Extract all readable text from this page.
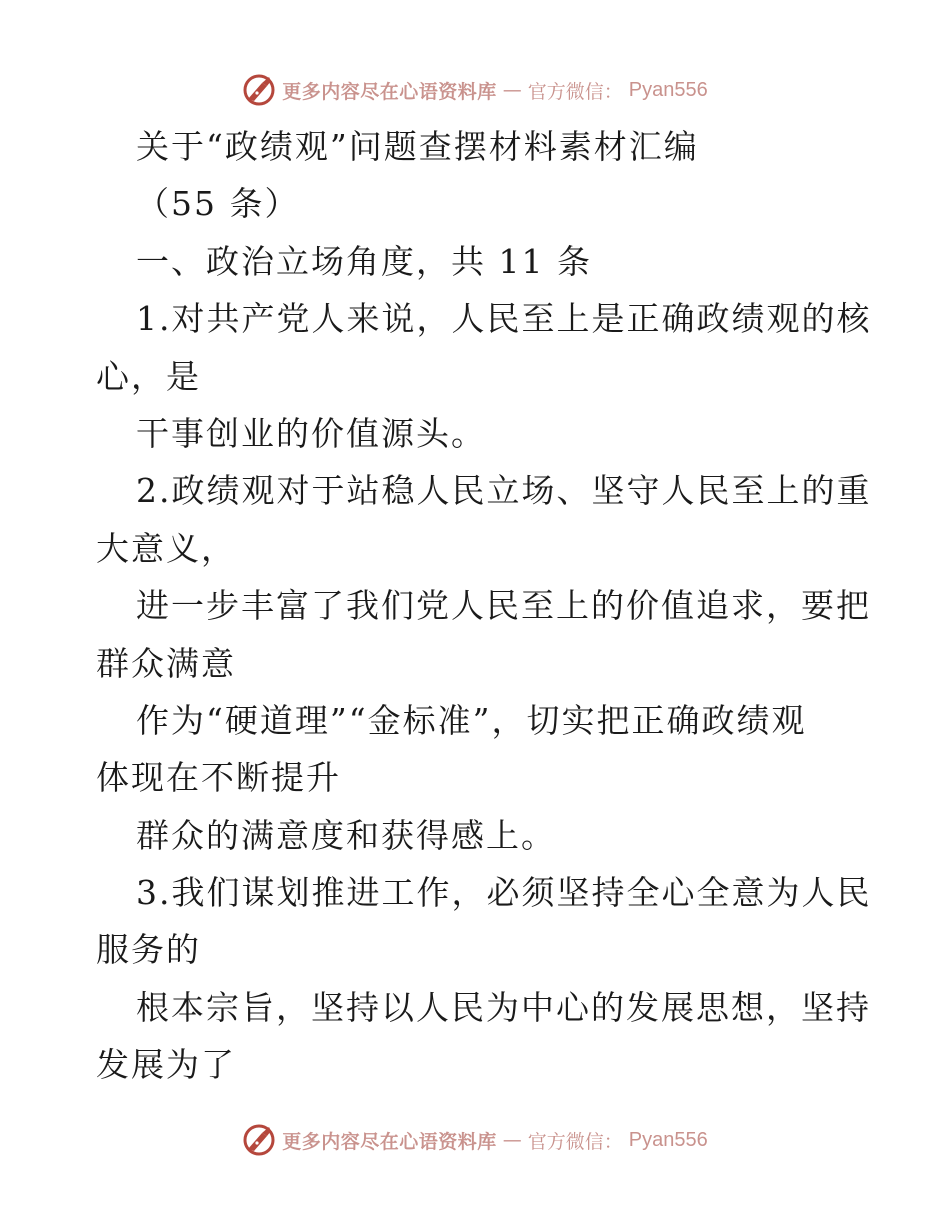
更多内容尽在心语资料库 — 官方微信： Pyan556
关于“政绩观”问题查摆材料素材汇编
（55 条）
一、政治立场角度，共 11 条
1.对共产党人来说，人民至上是正确政绩观的核
心，是
干事创业的价值源头。
2.政绩观对于站稳人民立场、坚守人民至上的重
大意义，
进一步丰富了我们党人民至上的价值追求，要把
群众满意
作为“硬道理”“金标准”，切实把正确政绩观
体现在不断提升
群众的满意度和获得感上。
3.我们谋划推进工作，必须坚持全心全意为人民
服务的
根本宗旨，坚持以人民为中心的发展思想，坚持
发展为了
更多内容尽在心语资料库 — 官方微信： Pyan556
